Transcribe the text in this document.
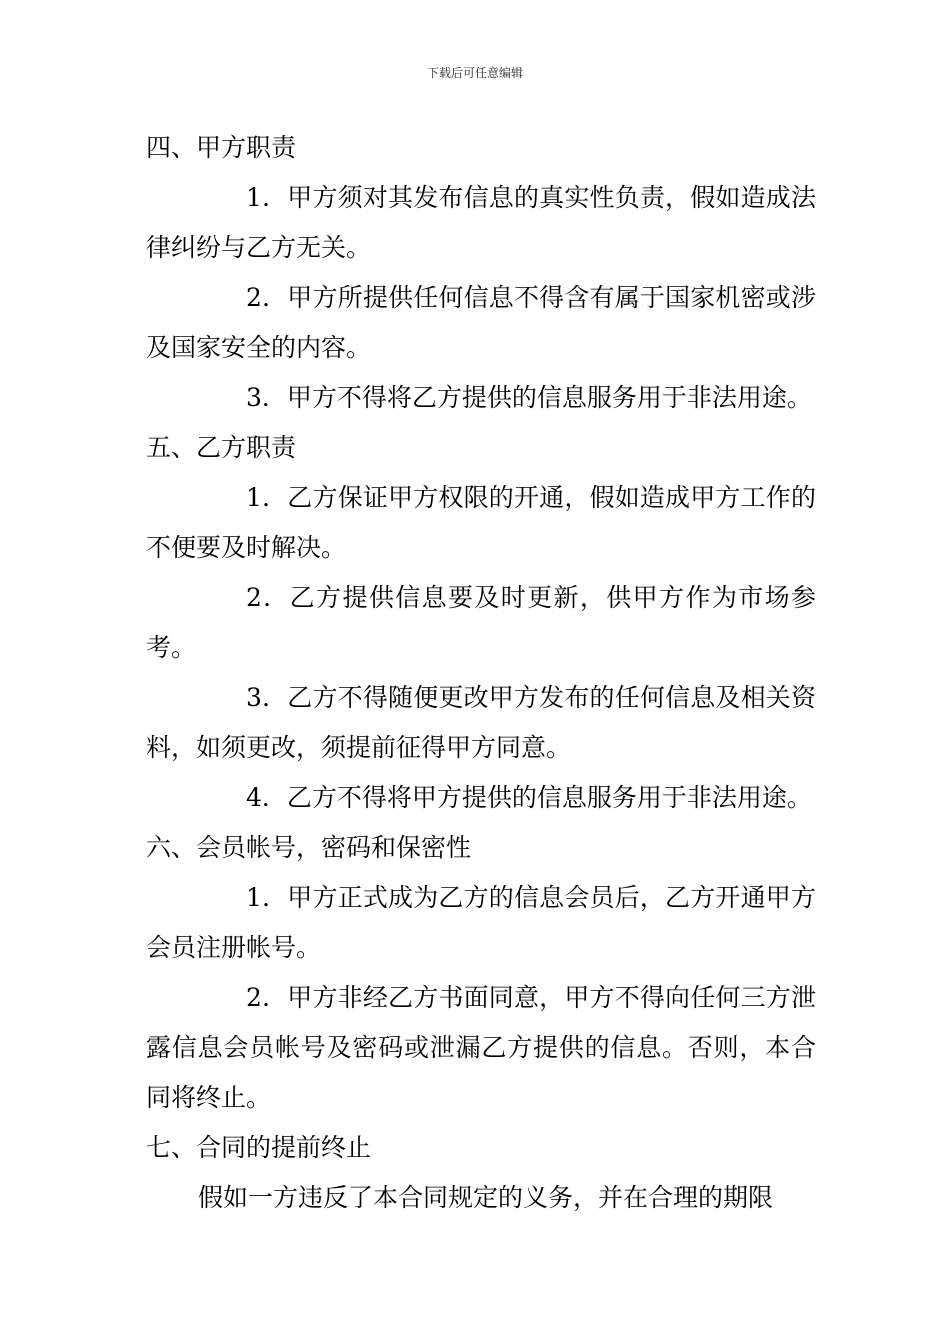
下载后可任意编辑

四、甲方职责

1．甲方须对其发布信息的真实性负责，假如造成法律纠纷与乙方无关。

2．甲方所提供任何信息不得含有属于国家机密或涉及国家安全的内容。

3．甲方不得将乙方提供的信息服务用于非法用途。

五、乙方职责

1．乙方保证甲方权限的开通，假如造成甲方工作的不便要及时解决。

2．乙方提供信息要及时更新，供甲方作为市场参考。

3．乙方不得随便更改甲方发布的任何信息及相关资料，如须更改，须提前征得甲方同意。

4．乙方不得将甲方提供的信息服务用于非法用途。

六、会员帐号，密码和保密性

1．甲方正式成为乙方的信息会员后，乙方开通甲方会员注册帐号。

2．甲方非经乙方书面同意，甲方不得向任何三方泄露信息会员帐号及密码或泄漏乙方提供的信息。否则，本合同将终止。

七、合同的提前终止

假如一方违反了本合同规定的义务，并在合理的期限
